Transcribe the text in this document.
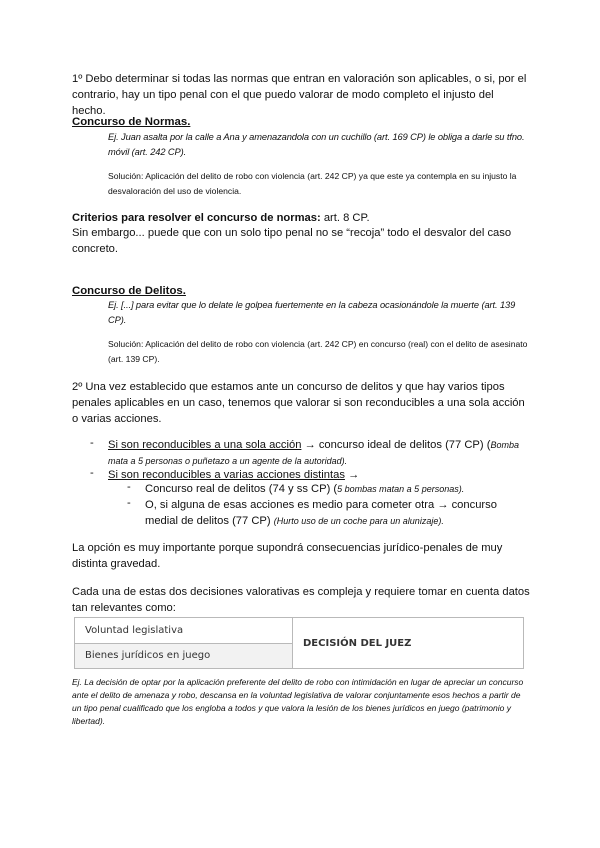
1º Debo determinar si todas las normas que entran en valoración son aplicables, o si, por el contrario, hay un tipo penal con el que puedo valorar de modo completo el injusto del hecho.

Concurso de Normas.

Ej. Juan asalta por la calle a Ana y amenazandola con un cuchillo (art. 169 CP) le obliga a darle su tfno. móvil (art. 242 CP).

Solución: Aplicación del delito de robo con violencia (art. 242 CP) ya que este ya contempla en su injusto la desvaloración del uso de violencia.

Criterios para resolver el concurso de normas: art. 8 CP.

Sin embargo... puede que con un solo tipo penal no se “recoja” todo el desvalor del caso concreto.

Concurso de Delitos.

Ej. [...] para evitar que lo delate le golpea fuertemente en la cabeza ocasionándole la muerte (art. 139 CP).

Solución: Aplicación del delito de robo con violencia (art. 242 CP) en concurso (real) con el delito de asesinato (art. 139 CP).

2º Una vez establecido que estamos ante un concurso de delitos y que hay varios tipos penales aplicables en un caso, tenemos que valorar si son reconducibles a una sola acción o varias acciones.

- Si son reconducibles a una sola acción → concurso ideal de delitos (77 CP) (Bomba mata a 5 personas o puñetazo a un agente de la autoridad).

- Si son reconducibles a varias acciones distintas →

- Concurso real de delitos (74 y ss CP) (5 bombas matan a 5 personas).

- O, si alguna de esas acciones es medio para cometer otra → concurso medial de delitos (77 CP) (Hurto uso de un coche para un alunizaje).

La opción es muy importante porque supondrá consecuencias jurídico-penales de muy distinta gravedad.

Cada una de estas dos decisiones valorativas es compleja y requiere tomar en cuenta datos tan relevantes como:

Voluntad legislativa	DECISIÓN DEL JUEZ
Bienes jurídicos en juego

Ej. La decisión de optar por la aplicación preferente del delito de robo con intimidación en lugar de apreciar un concurso ante el delito de amenaza y robo, descansa en la voluntad legislativa de valorar conjuntamente esos hechos a partir de un tipo penal cualificado que los engloba a todos y que valora la lesión de los bienes jurídicos en juego (patrimonio y libertad).
